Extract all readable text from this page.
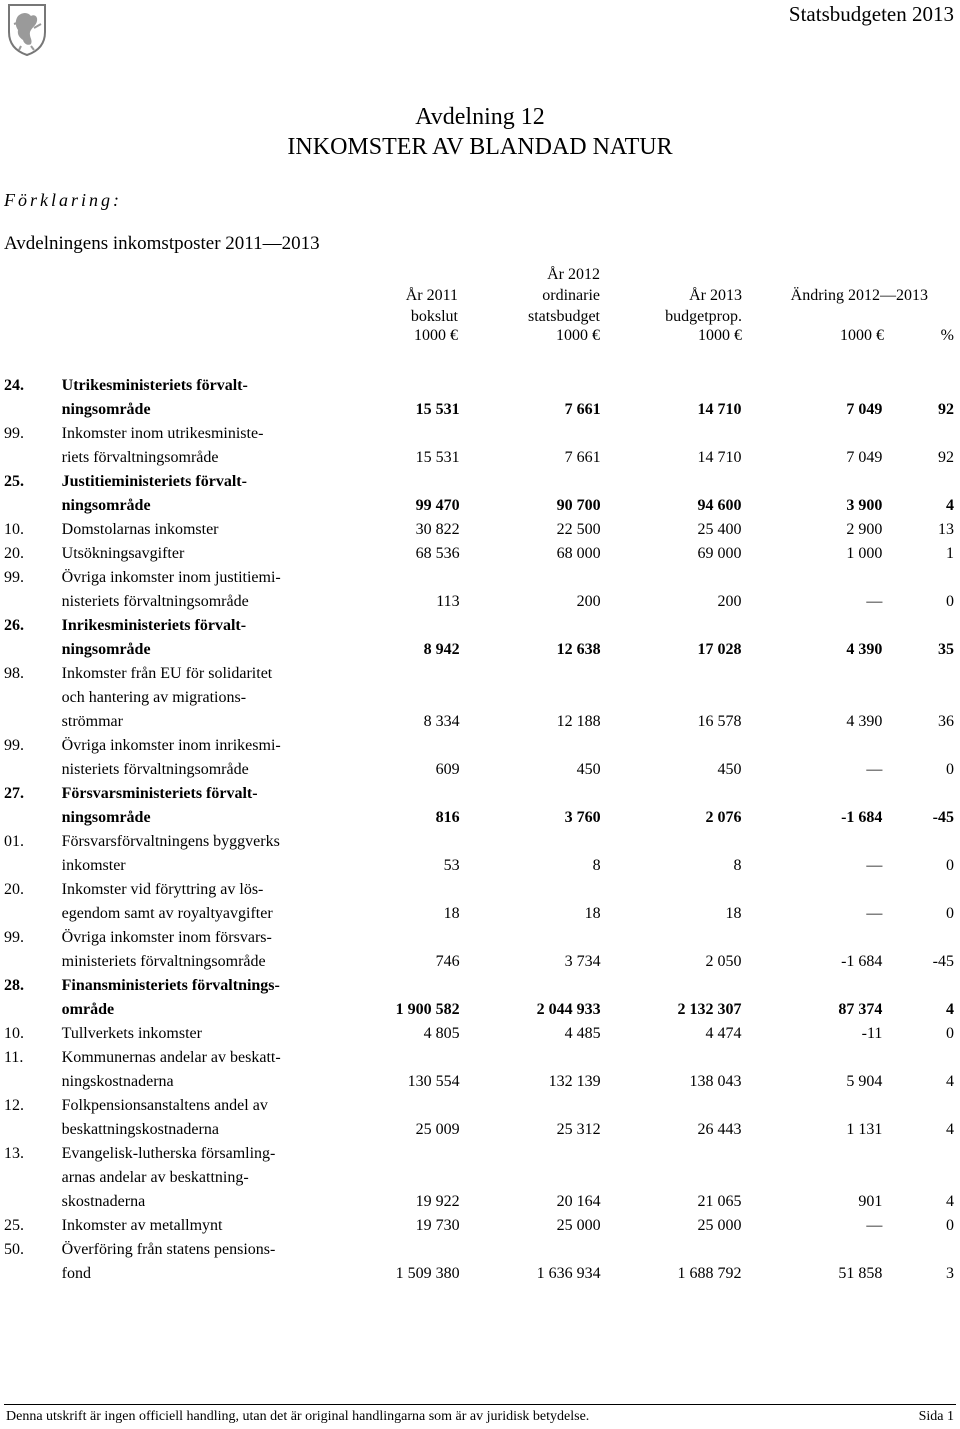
Statsbudgeten 2013
Avdelning 12
INKOMSTER AV BLANDAD NATUR
Förklaring:
Avdelningens inkomstposter 2011—2013
År 2011
bokslut
År 2012
ordinarie
statsbudget
År 2013
budgetprop.
Ändring 2012—2013
1000 €	1000 €	1000 €	1000 €	%
24.	Utrikesministeriets förvalt-
ningsområde	15 531	7 661	14 710	7 049	92
99.	Inkomster inom utrikesministe-
riets förvaltningsområde	15 531	7 661	14 710	7 049	92
25.	Justitieministeriets förvalt-
ningsområde	99 470	90 700	94 600	3 900	4
10.	Domstolarnas inkomster	30 822	22 500	25 400	2 900	13
20.	Utsökningsavgifter	68 536	68 000	69 000	1 000	1
99.	Övriga inkomster inom justitiemi-
nisteriets förvaltningsområde	113	200	200	—	0
26.	Inrikesministeriets förvalt-
ningsområde	8 942	12 638	17 028	4 390	35
98.	Inkomster från EU för solidaritet
och hantering av migrations-
strömmar	8 334	12 188	16 578	4 390	36
99.	Övriga inkomster inom inrikesmi-
nisteriets förvaltningsområde	609	450	450	—	0
27.	Försvarsministeriets förvalt-
ningsområde	816	3 760	2 076	-1 684	-45
01.	Försvarsförvaltningens byggverks
inkomster	53	8	8	—	0
20.	Inkomster vid föryttring av lös-
egendom samt av royaltyavgifter	18	18	18	—	0
99.	Övriga inkomster inom försvars-
ministeriets förvaltningsområde	746	3 734	2 050	-1 684	-45
28.	Finansministeriets förvaltnings-
område	1 900 582	2 044 933	2 132 307	87 374	4
10.	Tullverkets inkomster	4 805	4 485	4 474	-11	0
11.	Kommunernas andelar av beskatt-
ningskostnaderna	130 554	132 139	138 043	5 904	4
12.	Folkpensionsanstaltens andel av
beskattningskostnaderna	25 009	25 312	26 443	1 131	4
13.	Evangelisk-lutherska församling-
arnas andelar av beskattning-
skostnaderna	19 922	20 164	21 065	901	4
25.	Inkomster av metallmynt	19 730	25 000	25 000	—	0
50.	Överföring från statens pensions-
fond	1 509 380	1 636 934	1 688 792	51 858	3
Denna utskrift är ingen officiell handling, utan det är original handlingarna som är av juridisk betydelse.	Sida 1
